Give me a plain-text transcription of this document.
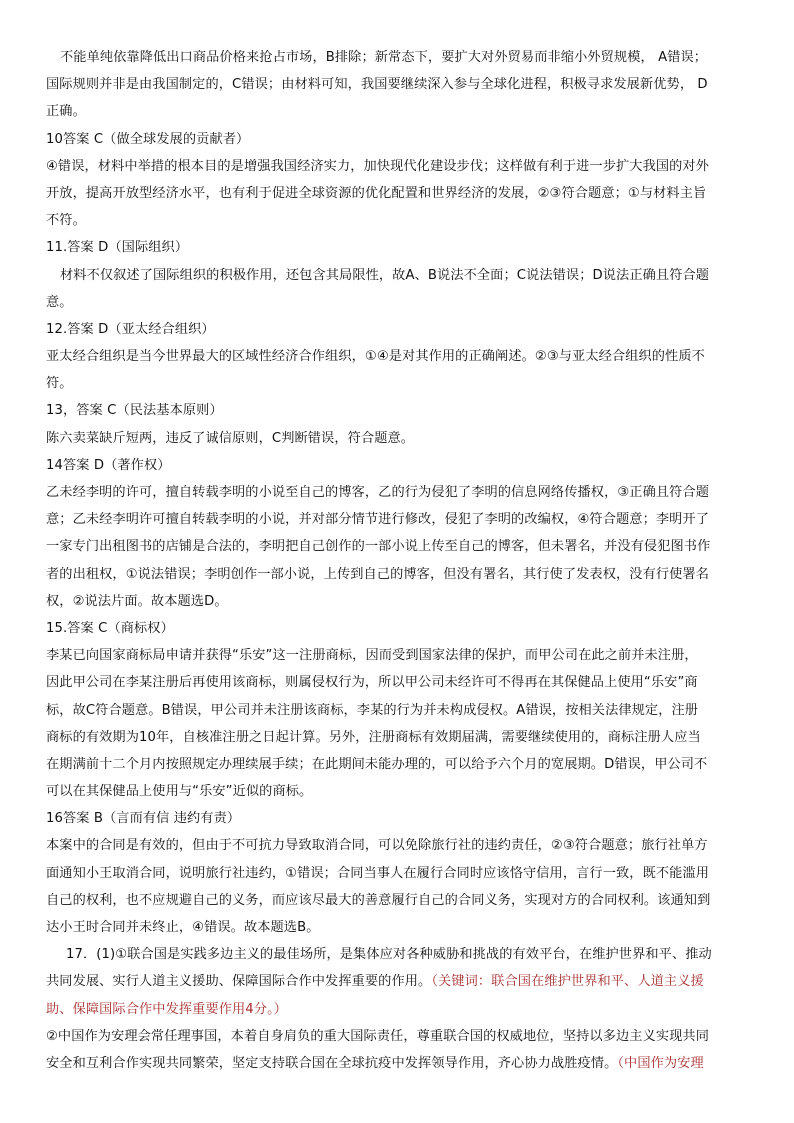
不能单纯依靠降低出口商品价格来抢占市场，B排除；新常态下，要扩大对外贸易而非缩小外贸规模， A错误；
国际规则并非是由我国制定的，C错误；由材料可知，我国要继续深入参与全球化进程，积极寻求发展新优势， D
正确。
10答案 C（做全球发展的贡献者）
④错误，材料中举措的根本目的是增强我国经济实力，加快现代化建设步伐；这样做有利于进一步扩大我国的对外
开放，提高开放型经济水平，也有利于促进全球资源的优化配置和世界经济的发展，②③符合题意；①与材料主旨
不符。
11.答案 D（国际组织）
材料不仅叙述了国际组织的积极作用，还包含其局限性，故A、B说法不全面；C说法错误；D说法正确且符合题
意。
12.答案 D（亚太经合组织）
亚太经合组织是当今世界最大的区域性经济合作组织，①④是对其作用的正确阐述。②③与亚太经合组织的性质不
符。
13，答案 C（民法基本原则）
陈六卖菜缺斤短两，违反了诚信原则，C判断错误，符合题意。
14答案 D（著作权）
乙未经李明的许可，擅自转载李明的小说至自己的博客，乙的行为侵犯了李明的信息网络传播权，③正确且符合题
意；乙未经李明许可擅自转载李明的小说，并对部分情节进行修改，侵犯了李明的改编权，④符合题意；李明开了
一家专门出租图书的店铺是合法的，李明把自己创作的一部小说上传至自己的博客，但未署名，并没有侵犯图书作
者的出租权，①说法错误；李明创作一部小说，上传到自己的博客，但没有署名，其行使了发表权，没有行使署名
权，②说法片面。故本题选D。
15.答案 C（商标权）
李某已向国家商标局申请并获得“乐安”这一注册商标，因而受到国家法律的保护，而甲公司在此之前并未注册，
因此甲公司在李某注册后再使用该商标，则属侵权行为，所以甲公司未经许可不得再在其保健品上使用“乐安”商
标，故C符合题意。B错误，甲公司并未注册该商标，李某的行为并未构成侵权。A错误，按相关法律规定，注册
商标的有效期为10年，自核准注册之日起计算。另外，注册商标有效期届满，需要继续使用的，商标注册人应当
在期满前十二个月内按照规定办理续展手续；在此期间未能办理的，可以给予六个月的宽展期。D错误，甲公司不
可以在其保健品上使用与“乐安”近似的商标。
16答案 B（言而有信 违约有责）
本案中的合同是有效的，但由于不可抗力导致取消合同，可以免除旅行社的违约责任，②③符合题意；旅行社单方
面通知小王取消合同，说明旅行社违约，①错误；合同当事人在履行合同时应该恪守信用，言行一致，既不能滥用
自己的权利，也不应规避自己的义务，而应该尽最大的善意履行自己的合同义务，实现对方的合同权利。该通知到
达小王时合同并未终止，④错误。故本题选B。
17．(1)①联合国是实践多边主义的最佳场所，是集体应对各种威胁和挑战的有效平台，在维护世界和平、推动
共同发展、实行人道主义援助、保障国际合作中发挥重要的作用。（关键词：联合国在维护世界和平、人道主义援
助、保障国际合作中发挥重要作用4分。）
②中国作为安理会常任理事国，本着自身肩负的重大国际责任，尊重联合国的权威地位，坚持以多边主义实现共同
安全和互利合作实现共同繁荣，坚定支持联合国在全球抗疫中发挥领导作用，齐心协力战胜疫情。（中国作为安理
